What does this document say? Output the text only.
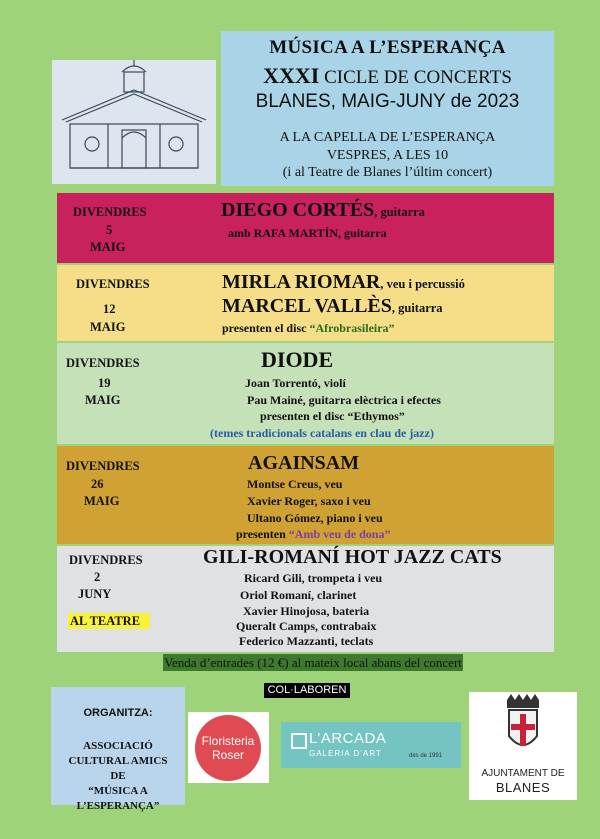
MÚSICA A L’ESPERANÇA
XXXI CICLE DE CONCERTS
BLANES, MAIG-JUNY de 2023
A LA CAPELLA DE L’ESPERANÇA
VESPRES, A LES 10
(i al Teatre de Blanes l’últim concert)
DIVENDRES
5
MAIG
DIEGO CORTÉS, guitarra
amb RAFA MARTÍN, guitarra
DIVENDRES
12
MAIG
MIRLA RIOMAR, veu i percussió
MARCEL VALLÈS, guitarra
presenten el disc “Afrobrasileira”
DIVENDRES
19
MAIG
DIODE
Joan Torrentó, violí
Pau Mainé, guitarra elèctrica i efectes
presenten el disc “Ethymos”
(temes tradicionals catalans en clau de jazz)
DIVENDRES
26
MAIG
AGAINSAM
Montse Creus, veu
Xavier Roger, saxo i veu
Ultano Gómez, piano i veu
presenten “Amb veu de dona”
DIVENDRES
2
JUNY
GILI-ROMANÍ HOT JAZZ CATS
Ricard Gili, trompeta i veu
Oriol Romaní, clarinet
Xavier Hinojosa, bateria
Queralt Camps, contrabaix
Federico Mazzanti, teclats
AL TEATRE
Venda d’entrades (12 €) al mateix local abans del concert
COL·LABOREN
ORGANITZA:
ASSOCIACIÓ
CULTURAL AMICS
DE
“MÚSICA A
L’ESPERANÇA”
Floristeria
Roser
L’ARCADA
GALERIA D’ART	des de 1991
AJUNTAMENT DE
BLANES
